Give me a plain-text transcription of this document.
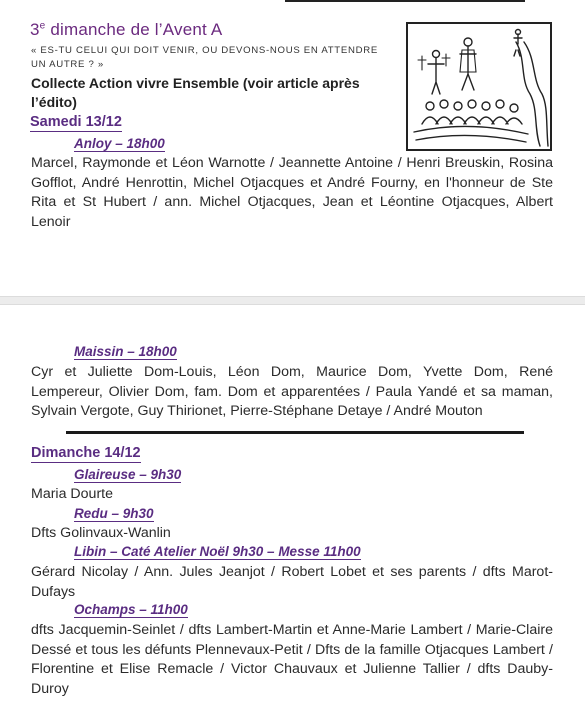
3e dimanche de l’Avent A
« ES-TU CELUI QUI DOIT VENIR, OU DEVONS-NOUS EN ATTENDRE UN AUTRE ? »
Collecte Action vivre Ensemble (voir article après l’édito)
Samedi 13/12
Anloy – 18h00
Marcel, Raymonde et Léon Warnotte / Jeannette Antoine / Henri Breuskin, Rosina Gofflot, André Henrottin, Michel Otjacques et André Fourny, en l'honneur de Ste Rita et St Hubert / ann. Michel Otjacques, Jean et Léontine Otjacques, Albert Lenoir
Maissin – 18h00
Cyr et Juliette Dom-Louis, Léon Dom, Maurice Dom, Yvette Dom, René Lempereur, Olivier Dom, fam. Dom et apparentées / Paula Yandé et sa maman, Sylvain Vergote, Guy Thirionet, Pierre-Stéphane Detaye / André Mouton
Dimanche 14/12
Glaireuse – 9h30
Maria Dourte
Redu – 9h30
Dfts Golinvaux-Wanlin
Libin – Caté Atelier Noël 9h30 – Messe 11h00
Gérard Nicolay / Ann. Jules Jeanjot / Robert Lobet et ses parents / dfts Marot-Dufays
Ochamps – 11h00
dfts Jacquemin-Seinlet / dfts Lambert-Martin et Anne-Marie Lambert / Marie-Claire Dessé et tous les défunts Plennevaux-Petit / Dfts de la famille Otjacques Lambert / Florentine et Elise Remacle / Victor Chauvaux et Julienne Tallier / dfts Dauby-Duroy
